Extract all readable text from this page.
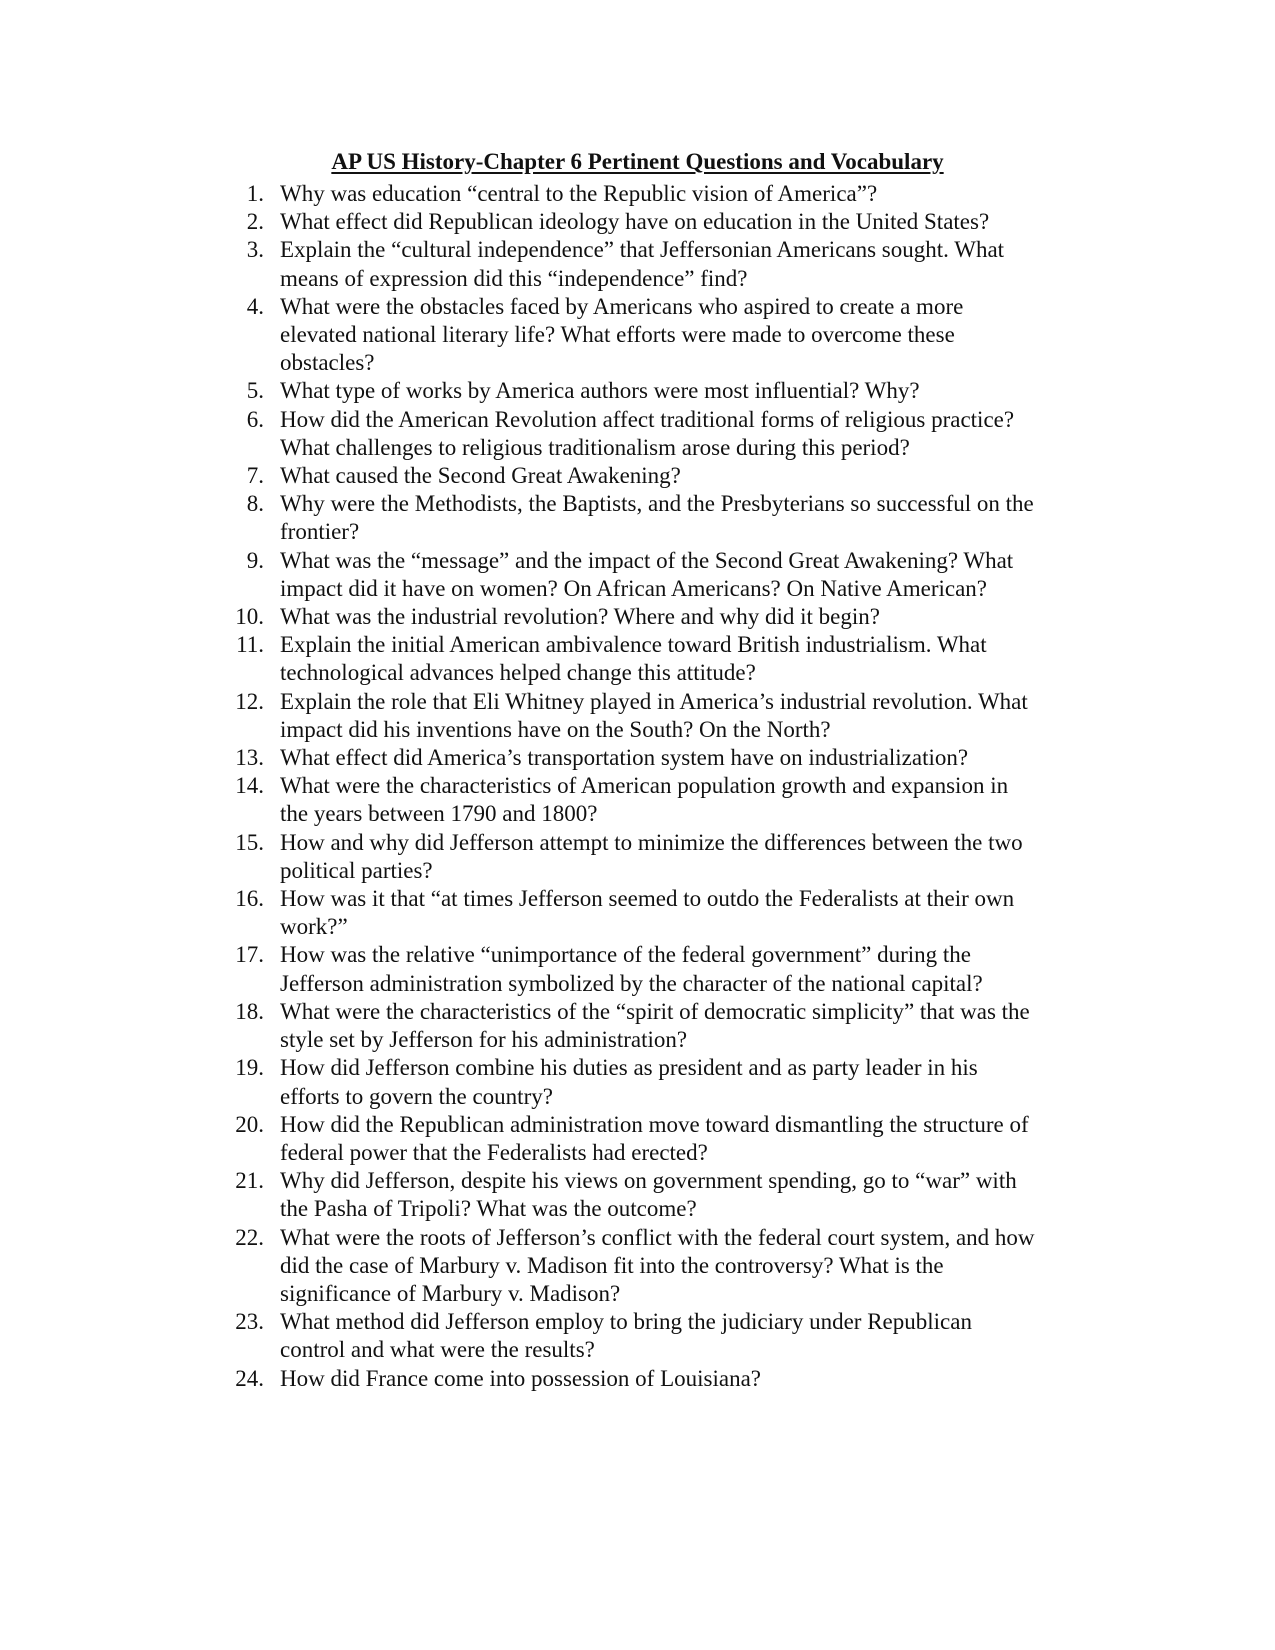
AP US History-Chapter 6 Pertinent Questions and Vocabulary
1. Why was education “central to the Republic vision of America”?
2. What effect did Republican ideology have on education in the United States?
3. Explain the “cultural independence” that Jeffersonian Americans sought. What
means of expression did this “independence” find?
4. What were the obstacles faced by Americans who aspired to create a more
elevated national literary life? What efforts were made to overcome these
obstacles?
5. What type of works by America authors were most influential? Why?
6. How did the American Revolution affect traditional forms of religious practice?
What challenges to religious traditionalism arose during this period?
7. What caused the Second Great Awakening?
8. Why were the Methodists, the Baptists, and the Presbyterians so successful on the
frontier?
9. What was the “message” and the impact of the Second Great Awakening? What
impact did it have on women? On African Americans? On Native American?
10. What was the industrial revolution? Where and why did it begin?
11. Explain the initial American ambivalence toward British industrialism. What
technological advances helped change this attitude?
12. Explain the role that Eli Whitney played in America’s industrial revolution. What
impact did his inventions have on the South? On the North?
13. What effect did America’s transportation system have on industrialization?
14. What were the characteristics of American population growth and expansion in
the years between 1790 and 1800?
15. How and why did Jefferson attempt to minimize the differences between the two
political parties?
16. How was it that “at times Jefferson seemed to outdo the Federalists at their own
work?”
17. How was the relative “unimportance of the federal government” during the
Jefferson administration symbolized by the character of the national capital?
18. What were the characteristics of the “spirit of democratic simplicity” that was the
style set by Jefferson for his administration?
19. How did Jefferson combine his duties as president and as party leader in his
efforts to govern the country?
20. How did the Republican administration move toward dismantling the structure of
federal power that the Federalists had erected?
21. Why did Jefferson, despite his views on government spending, go to “war” with
the Pasha of Tripoli? What was the outcome?
22. What were the roots of Jefferson’s conflict with the federal court system, and how
did the case of Marbury v. Madison fit into the controversy? What is the
significance of Marbury v. Madison?
23. What method did Jefferson employ to bring the judiciary under Republican
control and what were the results?
24. How did France come into possession of Louisiana?
